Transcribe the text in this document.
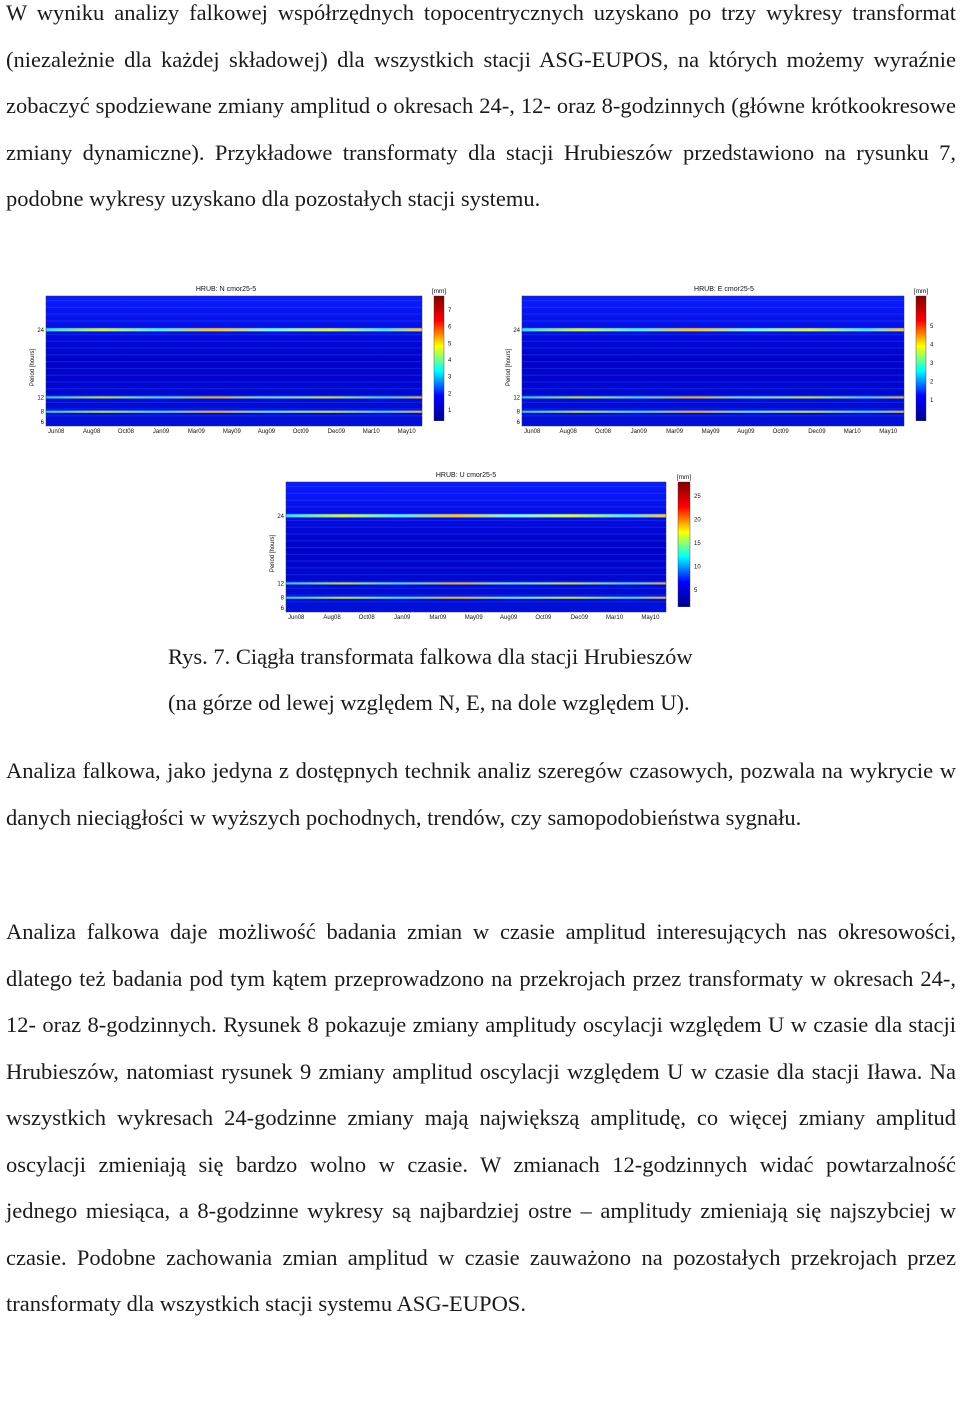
W wyniku analizy falkowej współrzędnych topocentrycznych uzyskano po trzy wykresy transformat (niezależnie dla każdej składowej) dla wszystkich stacji ASG-EUPOS, na których możemy wyraźnie zobaczyć spodziewane zmiany amplitud o okresach 24-, 12- oraz 8-godzinnych (główne krótkookresowe zmiany dynamiczne). Przykładowe transformaty dla stacji Hrubieszów przedstawiono na rysunku 7, podobne wykresy uzyskano dla pozostałych stacji systemu.

HRUB: N cmor25-5	[mm]
Period [hours]
24
12
8
6
Jun08	Aug08	Oct08	Jan09	Mar09	May09	Aug09	Oct09	Dec09	Mar10	May10
7
6
5
4
3
2
1
HRUB: E cmor25-5	[mm]
Period [hours]
24
12
8
6
Jun08	Aug08	Oct08	Jan09	Mar09	May09	Aug09	Oct09	Dec09	Mar10	May10
5
4
3
2
1
HRUB: U cmor25-5	[mm]
Period [hours]
24
12
8
6
Jun08	Aug08	Oct08	Jan09	Mar09	May09	Aug09	Oct09	Dec09	Mar10	May10
25
20
15
10
5
Rys. 7. Ciągła transformata falkowa dla stacji Hrubieszów
(na górze od lewej względem N, E, na dole względem U).

Analiza falkowa, jako jedyna z dostępnych technik analiz szeregów czasowych, pozwala na wykrycie w danych nieciągłości w wyższych pochodnych, trendów, czy samopodobieństwa sygnału.

Analiza falkowa daje możliwość badania zmian w czasie amplitud interesujących nas okresowości, dlatego też badania pod tym kątem przeprowadzono na przekrojach przez transformaty w okresach 24-, 12- oraz 8-godzinnych. Rysunek 8 pokazuje zmiany amplitudy oscylacji względem U w czasie dla stacji Hrubieszów, natomiast rysunek 9 zmiany amplitud oscylacji względem U w czasie dla stacji Iława. Na wszystkich wykresach 24-godzinne zmiany mają największą amplitudę, co więcej zmiany amplitud oscylacji zmieniają się bardzo wolno w czasie. W zmianach 12-godzinnych widać powtarzalność jednego miesiąca, a 8-godzinne wykresy są najbardziej ostre – amplitudy zmieniają się najszybciej w czasie. Podobne zachowania zmian amplitud w czasie zauważono na pozostałych przekrojach przez transformaty dla wszystkich stacji systemu ASG-EUPOS.
